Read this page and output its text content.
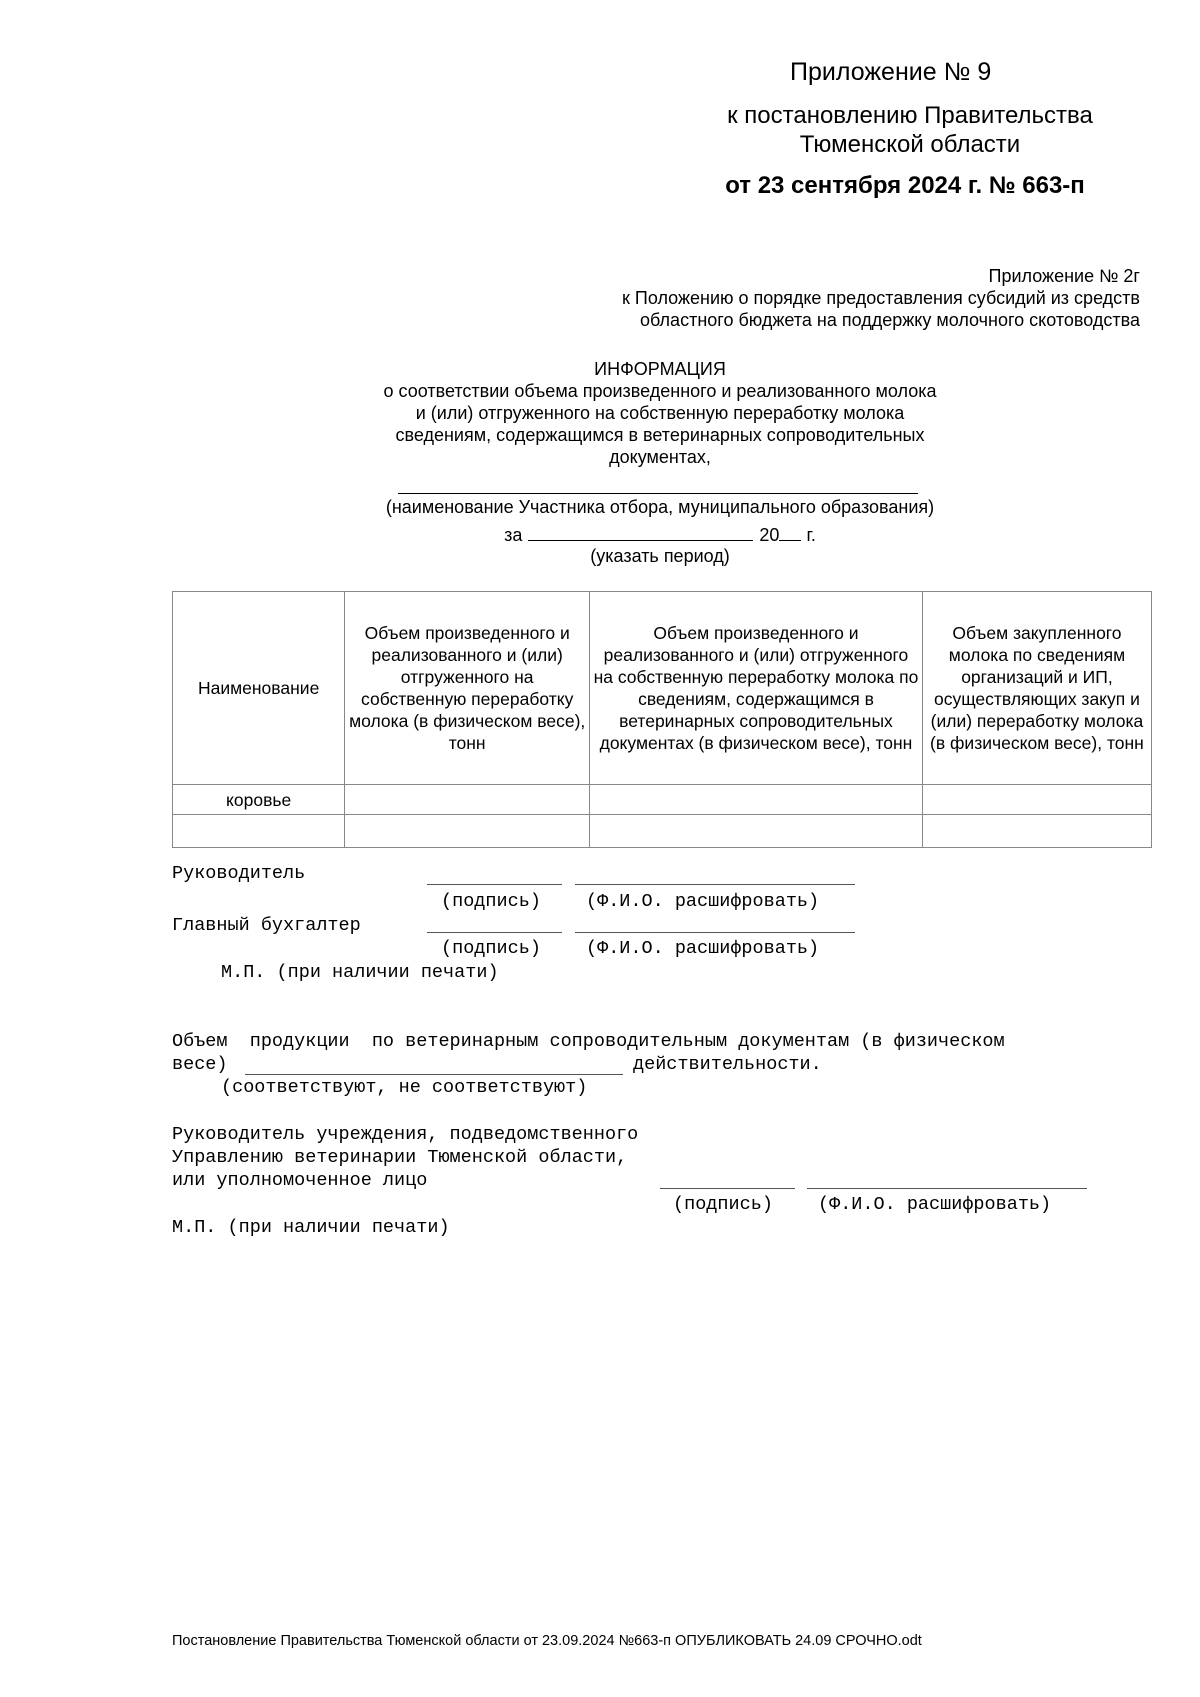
Приложение № 9
к постановлению Правительства
Тюменской области
от 23 сентября 2024 г. № 663-п
Приложение № 2г
к Положению о порядке предоставления субсидий из средств
областного бюджета на поддержку молочного скотоводства
ИНФОРМАЦИЯ
о соответствии объема произведенного и реализованного молока
и (или) отгруженного на собственную переработку молока
сведениям, содержащимся в ветеринарных сопроводительных
документах,
(наименование Участника отбора, муниципального образования)
за	20 г.
(указать период)
Наименование	Объем произведенного и реализованного и (или) отгруженного на собственную переработку молока (в физическом весе), тонн	Объем произведенного и реализованного и (или) отгруженного на собственную переработку молока по сведениям, содержащимся в ветеринарных сопроводительных документах (в физическом весе), тонн	Объем закупленного молока по сведениям организаций и ИП, осуществляющих закуп и (или) переработку молока (в физическом весе), тонн
коровье			

Руководитель
(подпись) (Ф.И.О. расшифровать)
Главный бухгалтер
(подпись) (Ф.И.О. расшифровать)
М.П. (при наличии печати)
Объем  продукции  по ветеринарным сопроводительным документам (в физическом
весе)	действительности.
(соответствуют, не соответствуют)
Руководитель учреждения, подведомственного
Управлению ветеринарии Тюменской области,
или уполномоченное лицо
(подпись) (Ф.И.О. расшифровать)
М.П. (при наличии печати)
Постановление Правительства Тюменской области от 23.09.2024 №663-п ОПУБЛИКОВАТЬ 24.09 СРОЧНО.odt
